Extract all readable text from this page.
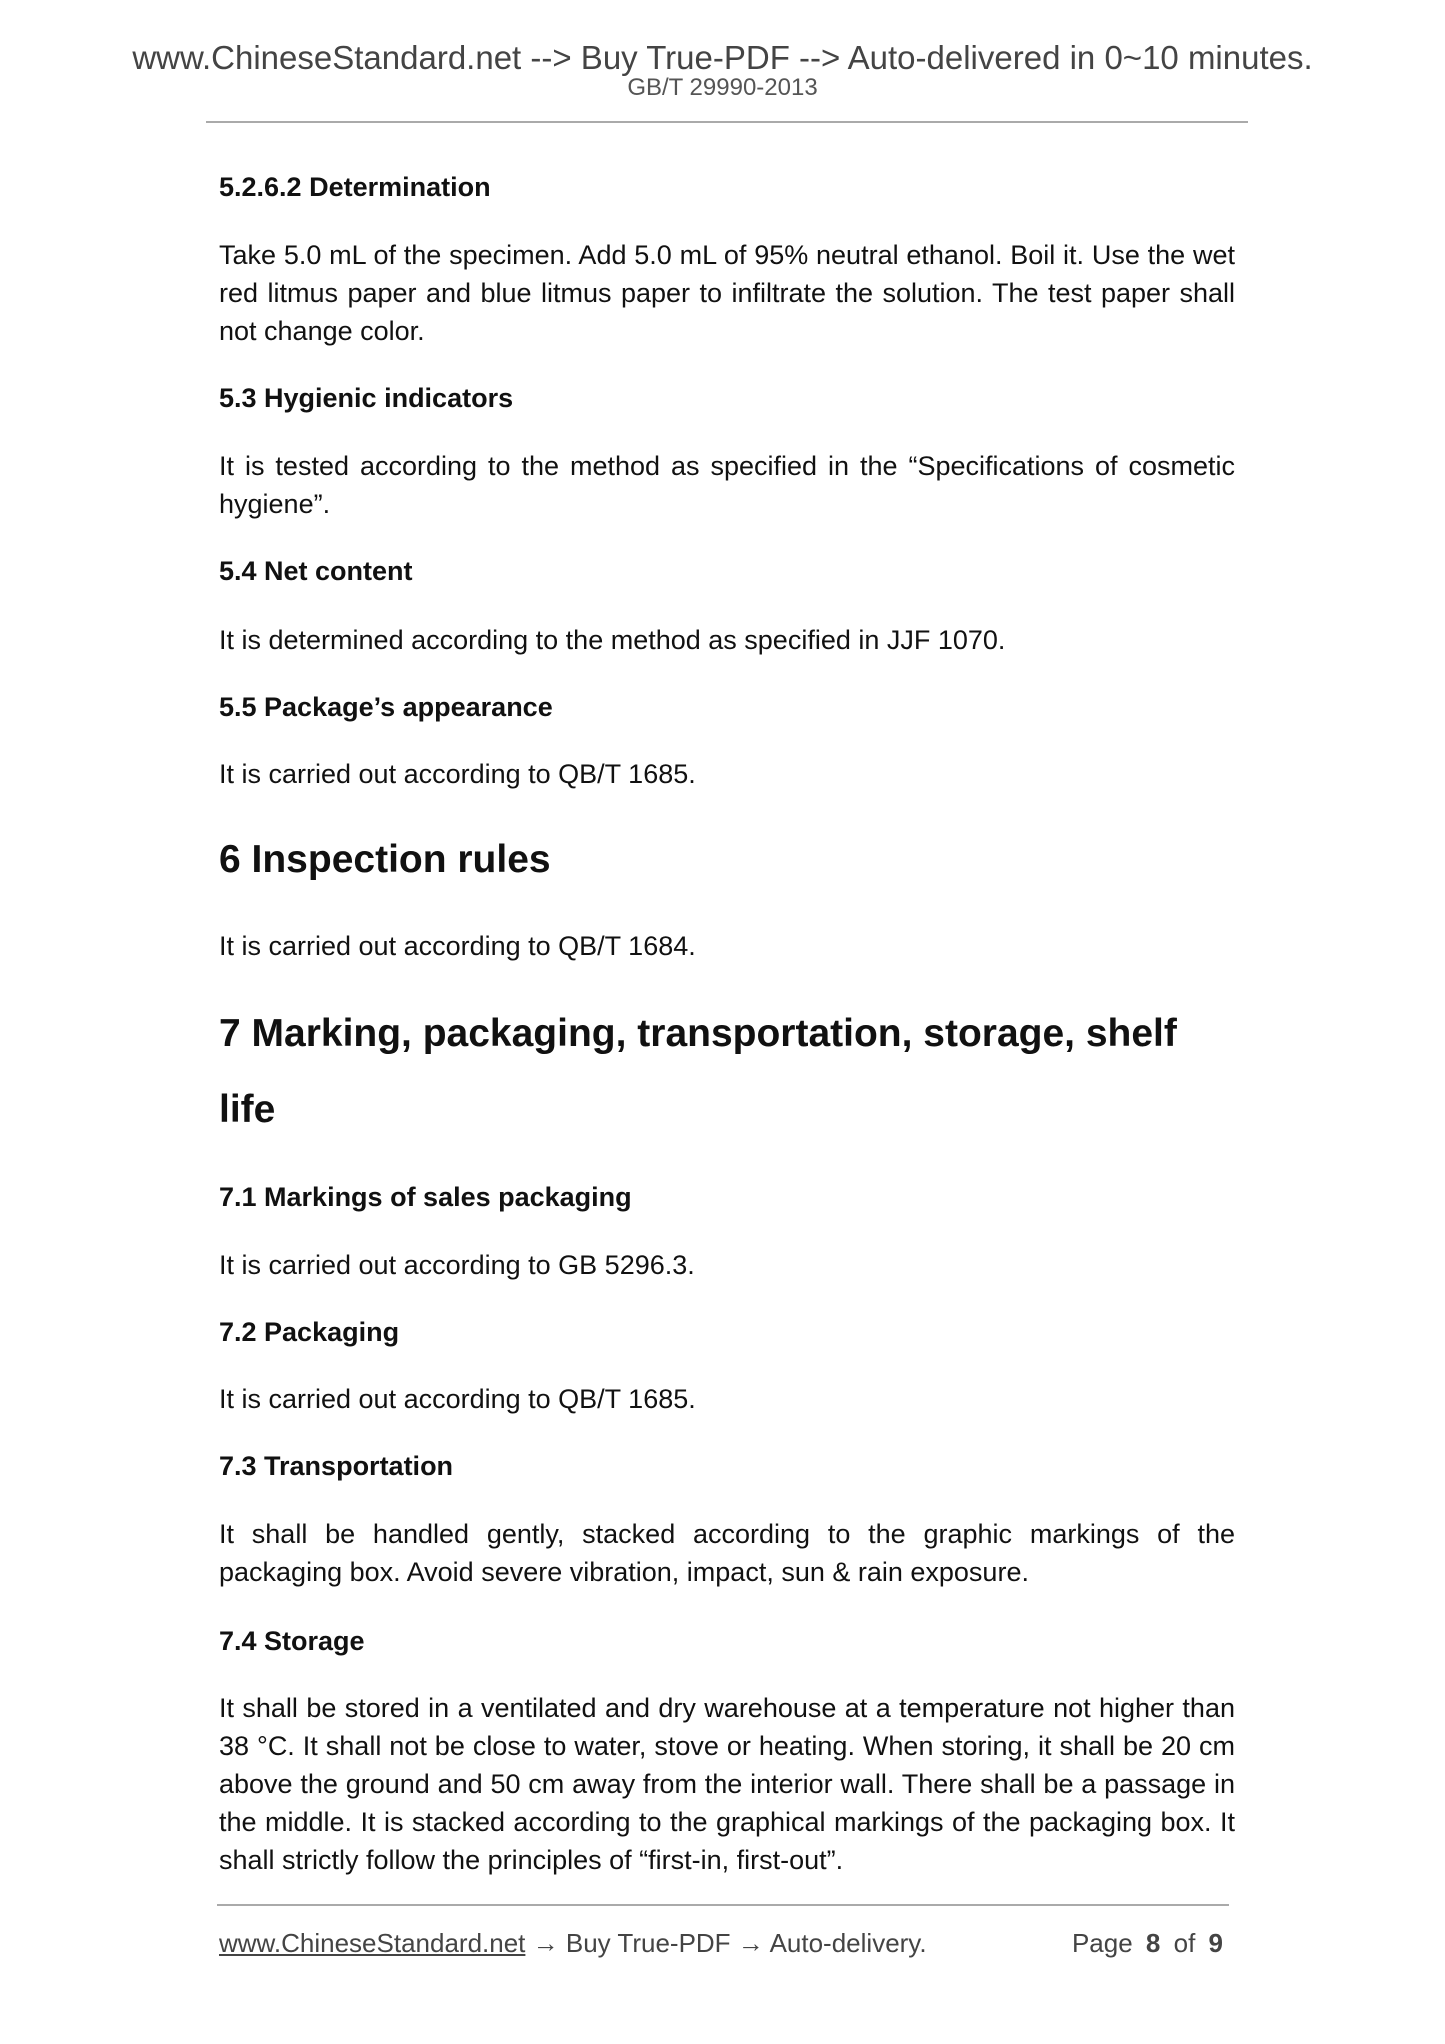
www.ChineseStandard.net --> Buy True-PDF --> Auto-delivered in 0~10 minutes.
GB/T 29990-2013
5.2.6.2 Determination
Take 5.0 mL of the specimen. Add 5.0 mL of 95% neutral ethanol. Boil it. Use the wet red litmus paper and blue litmus paper to infiltrate the solution. The test paper shall not change color.
5.3 Hygienic indicators
It is tested according to the method as specified in the “Specifications of cosmetic hygiene”.
5.4 Net content
It is determined according to the method as specified in JJF 1070.
5.5 Package’s appearance
It is carried out according to QB/T 1685.
6 Inspection rules
It is carried out according to QB/T 1684.
7 Marking, packaging, transportation, storage, shelf
life
7.1 Markings of sales packaging
It is carried out according to GB 5296.3.
7.2 Packaging
It is carried out according to QB/T 1685.
7.3 Transportation
It shall be handled gently, stacked according to the graphic markings of the packaging box. Avoid severe vibration, impact, sun & rain exposure.
7.4 Storage
It shall be stored in a ventilated and dry warehouse at a temperature not higher than 38 °C. It shall not be close to water, stove or heating. When storing, it shall be 20 cm above the ground and 50 cm away from the interior wall. There shall be a passage in the middle. It is stacked according to the graphical markings of the packaging box. It shall strictly follow the principles of “first-in, first-out”.
www.ChineseStandard.net → Buy True-PDF → Auto-delivery.	Page 8 of 9
